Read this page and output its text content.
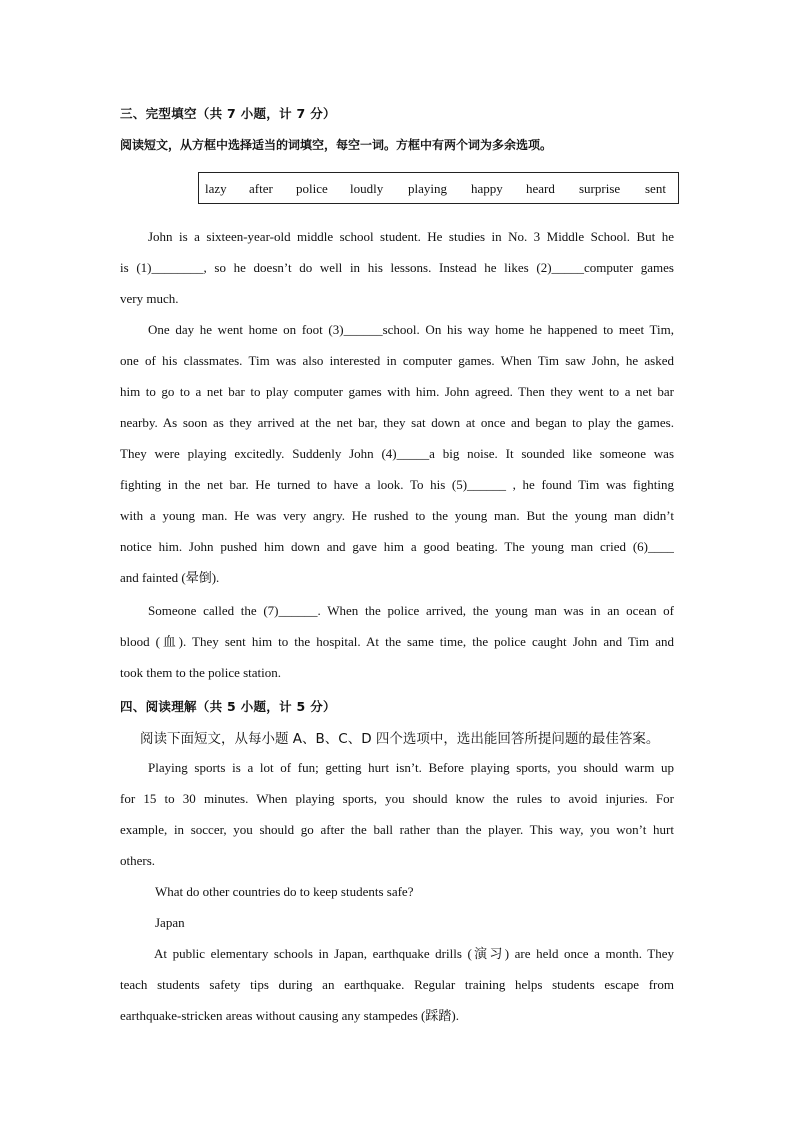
三、完型填空（共 7 小题，计 7 分）
阅读短文，从方框中选择适当的词填空，每空一词。方框中有两个词为多余选项。
lazy after police loudly playing happy heard surprise sent
John is a sixteen-year-old middle school student. He studies in No. 3 Middle School. But he
is (1)________, so he doesn’t do well in his lessons. Instead he likes (2)_____computer games
very much.
One day he went home on foot (3)______school. On his way home he happened to meet Tim,
one of his classmates. Tim was also interested in computer games. When Tim saw John, he asked
him to go to a net bar to play computer games with him. John agreed. Then they went to a net bar
nearby. As soon as they arrived at the net bar, they sat down at once and began to play the games.
They were playing excitedly. Suddenly John (4)_____a big noise. It sounded like someone was
fighting in the net bar. He turned to have a look. To his (5)______ , he found Tim was fighting
with a young man. He was very angry. He rushed to the young man. But the young man didn’t
notice him. John pushed him down and gave him a good beating. The young man cried (6)____
and fainted (晕倒).
Someone called the (7)______. When the police arrived, the young man was in an ocean of
blood (血). They sent him to the hospital. At the same time, the police caught John and Tim and
took them to the police station.
四、阅读理解（共 5 小题，计 5 分）
阅读下面短文，从每小题 A、B、C、D 四个选项中，选出能回答所提问题的最佳答案。
Playing sports is a lot of fun; getting hurt isn’t. Before playing sports, you should warm up
for 15 to 30 minutes. When playing sports, you should know the rules to avoid injuries. For
example, in soccer, you should go after the ball rather than the player. This way, you won’t hurt
others.
What do other countries do to keep students safe?
Japan
At public elementary schools in Japan, earthquake drills (演习) are held once a month. They
teach students safety tips during an earthquake. Regular training helps students escape from
earthquake-stricken areas without causing any stampedes (踩踏).
